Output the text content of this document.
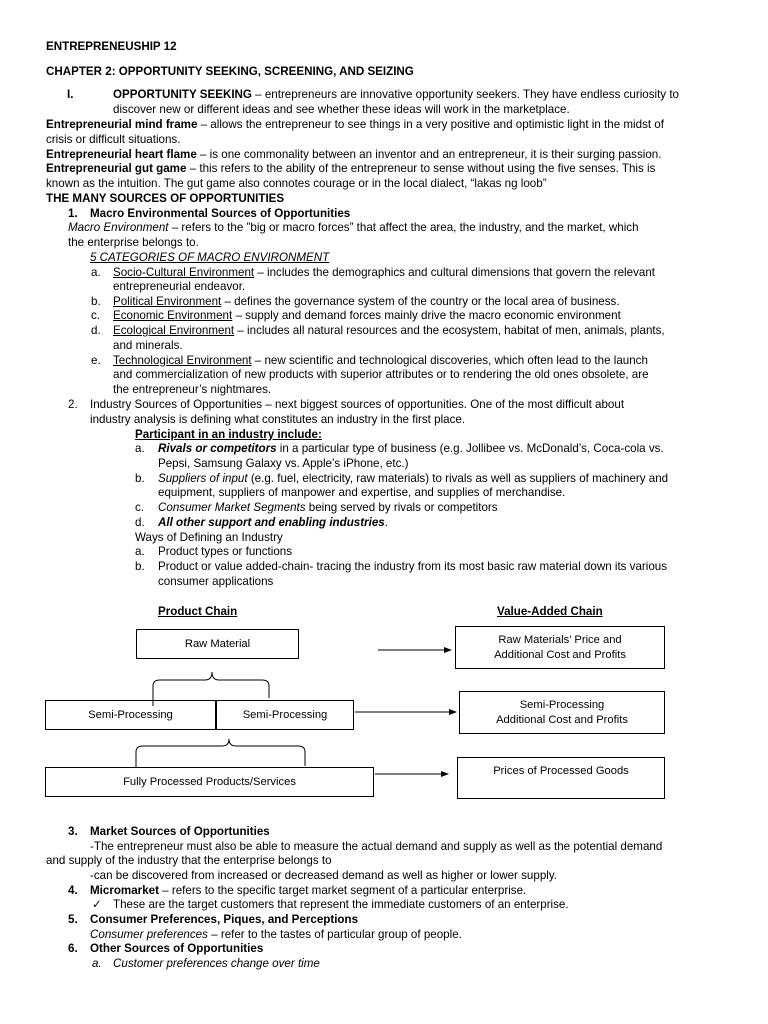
ENTREPRENEUSHIP 12
CHAPTER 2: OPPORTUNITY SEEKING, SCREENING, AND SEIZING
I.	OPPORTUNITY SEEKING – entrepreneurs are innovative opportunity seekers. They have endless curiosity to
discover new or different ideas and see whether these ideas will work in the marketplace.
Entrepreneurial mind frame – allows the entrepreneur to see things in a very positive and optimistic light in the midst of
crisis or difficult situations.
Entrepreneurial heart flame – is one commonality between an inventor and an entrepreneur, it is their surging passion.
Entrepreneurial gut game – this refers to the ability of the entrepreneur to sense without using the five senses. This is
known as the intuition. The gut game also connotes courage or in the local dialect, “lakas ng loob”
THE MANY SOURCES OF OPPORTUNITIES
1. Macro Environmental Sources of Opportunities
Macro Environment – refers to the ”big or macro forces” that affect the area, the industry, and the market, which
the enterprise belongs to.
5 CATEGORIES OF MACRO ENVIRONMENT
a. Socio-Cultural Environment – includes the demographics and cultural dimensions that govern the relevant
entrepreneurial endeavor.
b. Political Environment – defines the governance system of the country or the local area of business.
c. Economic Environment – supply and demand forces mainly drive the macro economic environment
d. Ecological Environment – includes all natural resources and the ecosystem, habitat of men, animals, plants,
and minerals.
e. Technological Environment – new scientific and technological discoveries, which often lead to the launch
and commercialization of new products with superior attributes or to rendering the old ones obsolete, are
the entrepreneur’s nightmares.
2. Industry Sources of Opportunities – next biggest sources of opportunities. One of the most difficult about
industry analysis is defining what constitutes an industry in the first place.
Participant in an industry include:
a. Rivals or competitors in a particular type of business (e.g. Jollibee vs. McDonald’s, Coca-cola vs.
Pepsi, Samsung Galaxy vs. Apple’s iPhone, etc.)
b. Suppliers of input (e.g. fuel, electricity, raw materials) to rivals as well as suppliers of machinery and
equipment, suppliers of manpower and expertise, and supplies of merchandise.
c. Consumer Market Segments being served by rivals or competitors
d. All other support and enabling industries.
Ways of Defining an Industry
a. Product types or functions
b. Product or value added-chain- tracing the industry from its most basic raw material down its various
consumer applications
Product Chain	Value-Added Chain
Raw Material
Semi-Processing	Semi-Processing
Fully Processed Products/Services
Raw Materials’ Price and
Additional Cost and Profits
Semi-Processing
Additional Cost and Profits
Prices of Processed Goods
3. Market Sources of Opportunities
-The entrepreneur must also be able to measure the actual demand and supply as well as the potential demand
and supply of the industry that the enterprise belongs to
-can be discovered from increased or decreased demand as well as higher or lower supply.
4. Micromarket – refers to the specific target market segment of a particular enterprise.
✓ These are the target customers that represent the immediate customers of an enterprise.
5. Consumer Preferences, Piques, and Perceptions
Consumer preferences – refer to the tastes of particular group of people.
6. Other Sources of Opportunities
a. Customer preferences change over time
